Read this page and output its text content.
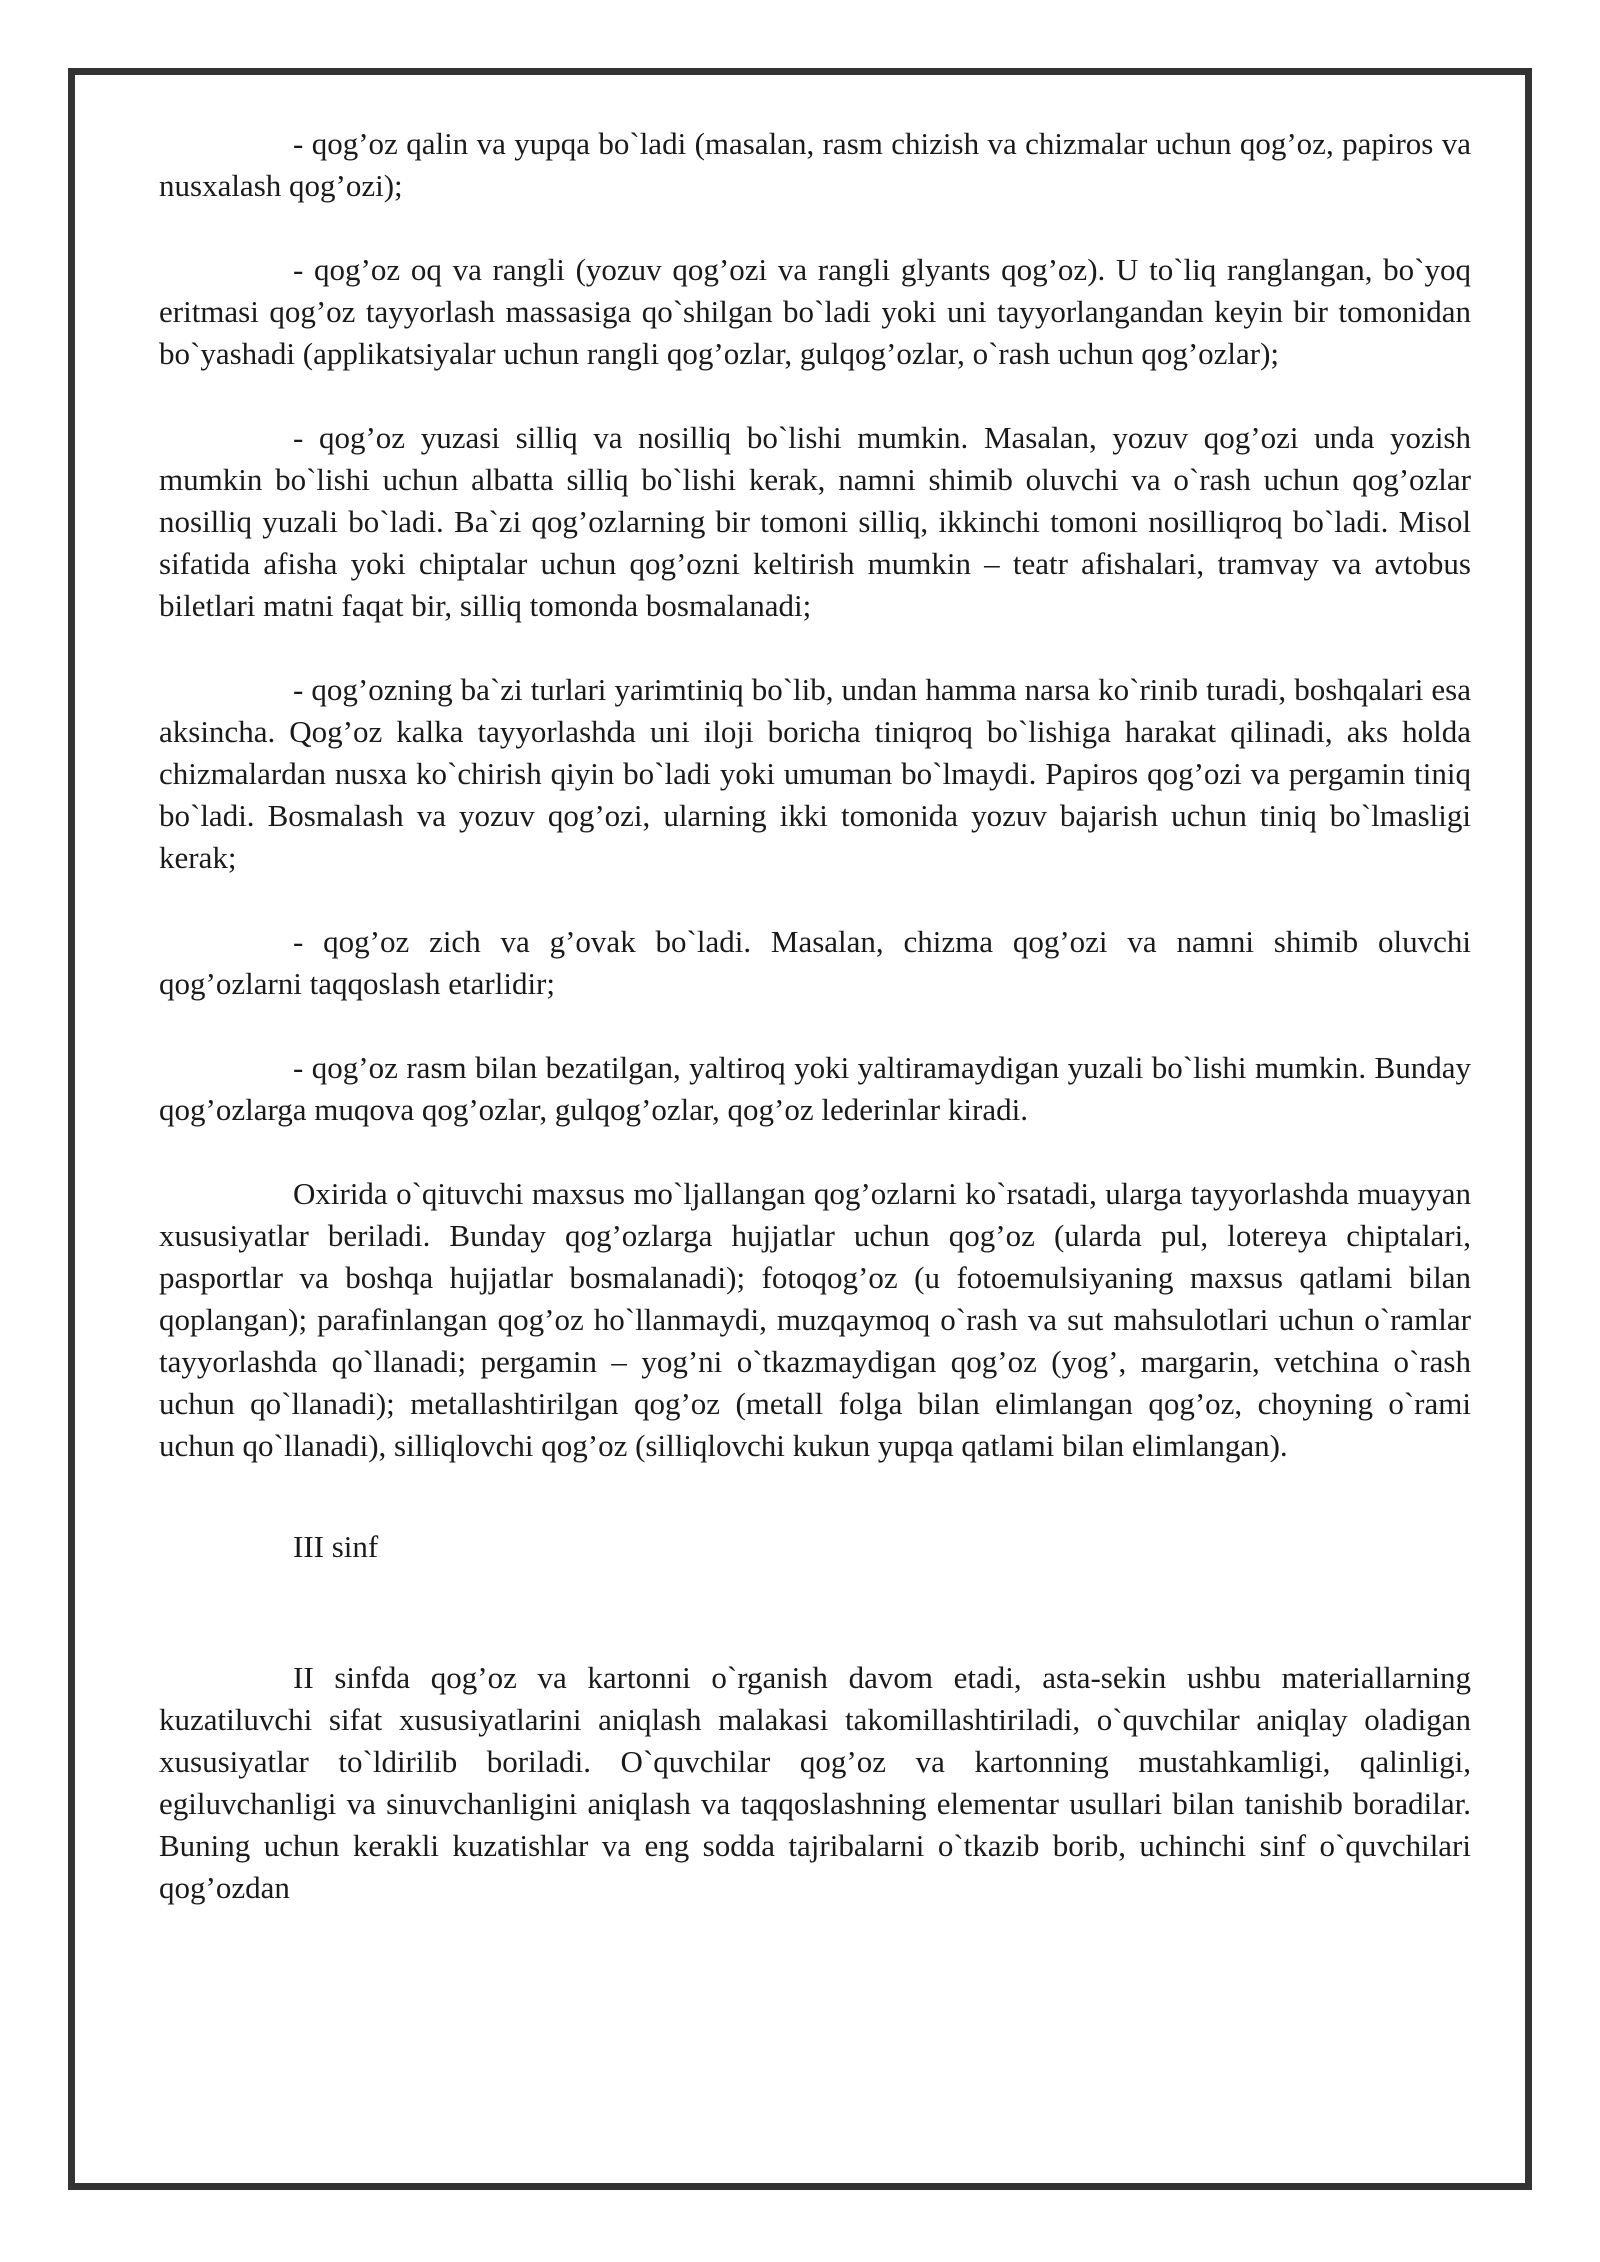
- qog’oz qalin va yupqa bo`ladi (masalan, rasm chizish va chizmalar uchun qog’oz, papiros va nusxalash qog’ozi);

- qog’oz oq va rangli (yozuv qog’ozi va rangli glyants qog’oz). U to`liq ranglangan, bo`yoq eritmasi qog’oz tayyorlash massasiga qo`shilgan bo`ladi yoki uni tayyorlangandan keyin bir tomonidan bo`yashadi (applikatsiyalar uchun rangli qog’ozlar, gulqog’ozlar, o`rash uchun qog’ozlar);

- qog’oz yuzasi silliq va nosilliq bo`lishi mumkin. Masalan, yozuv qog’ozi unda yozish mumkin bo`lishi uchun albatta silliq bo`lishi kerak, namni shimib oluvchi va o`rash uchun qog’ozlar nosilliq yuzali bo`ladi. Ba`zi qog’ozlarning bir tomoni silliq, ikkinchi tomoni nosilliqroq bo`ladi. Misol sifatida afisha yoki chiptalar uchun qog’ozni keltirish mumkin – teatr afishalari, tramvay va avtobus biletlari matni faqat bir, silliq tomonda bosmalanadi;

- qog’ozning ba`zi turlari yarimtiniq bo`lib, undan hamma narsa ko`rinib turadi, boshqalari esa aksincha. Qog’oz kalka tayyorlashda uni iloji boricha tiniqroq bo`lishiga harakat qilinadi, aks holda chizmalardan nusxa ko`chirish qiyin bo`ladi yoki umuman bo`lmaydi. Papiros qog’ozi va pergamin tiniq bo`ladi. Bosmalash va yozuv qog’ozi, ularning ikki tomonida yozuv bajarish uchun tiniq bo`lmasligi kerak;

- qog’oz zich va g’ovak bo`ladi. Masalan, chizma qog’ozi va namni shimib oluvchi qog’ozlarni taqqoslash etarlidir;

- qog’oz rasm bilan bezatilgan, yaltiroq yoki yaltiramaydigan yuzali bo`lishi mumkin. Bunday qog’ozlarga muqova qog’ozlar, gulqog’ozlar, qog’oz lederinlar kiradi.

Oxirida o`qituvchi maxsus mo`ljallangan qog’ozlarni ko`rsatadi, ularga tayyorlashda muayyan xususiyatlar beriladi. Bunday qog’ozlarga hujjatlar uchun qog’oz (ularda pul, lotereya chiptalari, pasportlar va boshqa hujjatlar bosmalanadi); fotoqog’oz (u fotoemulsiyaning maxsus qatlami bilan qoplangan); parafinlangan qog’oz ho`llanmaydi, muzqaymoq o`rash va sut mahsulotlari uchun o`ramlar tayyorlashda qo`llanadi; pergamin – yog’ni o`tkazmaydigan qog’oz (yog’, margarin, vetchina o`rash uchun qo`llanadi); metallashtirilgan qog’oz (metall folga bilan elimlangan qog’oz, choyning o`rami uchun qo`llanadi), silliqlovchi qog’oz (silliqlovchi kukun yupqa qatlami bilan elimlangan).

III sinf

II sinfda qog’oz va kartonni o`rganish davom etadi, asta-sekin ushbu materiallarning kuzatiluvchi sifat xususiyatlarini aniqlash malakasi takomillashtiriladi, o`quvchilar aniqlay oladigan xususiyatlar to`ldirilib boriladi. O`quvchilar qog’oz va kartonning mustahkamligi, qalinligi, egiluvchanligi va sinuvchanligini aniqlash va taqqoslashning elementar usullari bilan tanishib boradilar. Buning uchun kerakli kuzatishlar va eng sodda tajribalarni o`tkazib borib, uchinchi sinf o`quvchilari qog’ozdan
